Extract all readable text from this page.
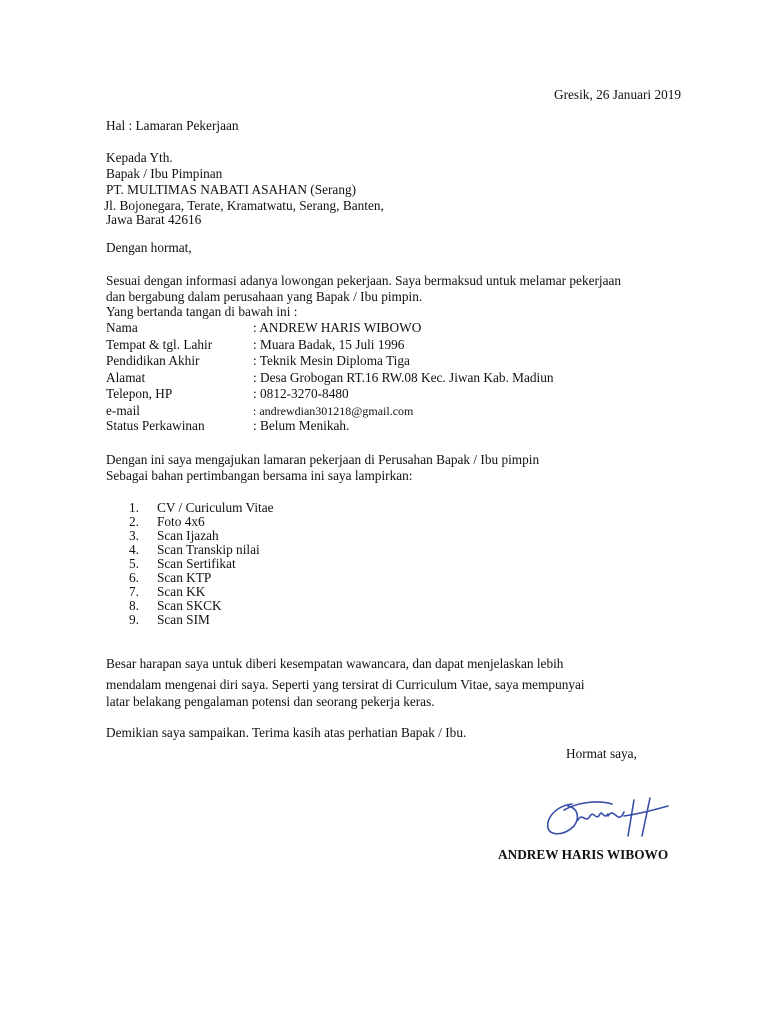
Gresik, 26 Januari 2019
Hal : Lamaran Pekerjaan
Kepada Yth.
Bapak / Ibu Pimpinan
PT. MULTIMAS NABATI ASAHAN (Serang)
Jl. Bojonegara, Terate, Kramatwatu, Serang, Banten,
Jawa Barat 42616
Dengan hormat,
Sesuai dengan informasi adanya lowongan pekerjaan. Saya bermaksud untuk melamar pekerjaan
dan bergabung dalam perusahaan yang Bapak / Ibu pimpin.
Yang bertanda tangan di bawah ini :
Nama	: ANDREW HARIS WIBOWO
Tempat & tgl. Lahir	: Muara Badak, 15 Juli 1996
Pendidikan Akhir	: Teknik Mesin Diploma Tiga
Alamat	: Desa Grobogan RT.16 RW.08 Kec. Jiwan Kab. Madiun
Telepon, HP	: 0812-3270-8480
e-mail	: andrewdian301218@gmail.com
Status Perkawinan	: Belum Menikah.
Dengan ini saya mengajukan lamaran pekerjaan di Perusahan Bapak / Ibu pimpin
Sebagai bahan pertimbangan bersama ini saya lampirkan:
1. CV / Curiculum Vitae
2. Foto 4x6
3. Scan Ijazah
4. Scan Transkip nilai
5. Scan Sertifikat
6. Scan KTP
7. Scan KK
8. Scan SKCK
9. Scan SIM
Besar harapan saya untuk diberi kesempatan wawancara, dan dapat menjelaskan lebih
mendalam mengenai diri saya. Seperti yang tersirat di Curriculum Vitae, saya mempunyai
latar belakang pengalaman potensi dan seorang pekerja keras.
Demikian saya sampaikan. Terima kasih atas perhatian Bapak / Ibu.
Hormat saya,
ANDREW HARIS WIBOWO
